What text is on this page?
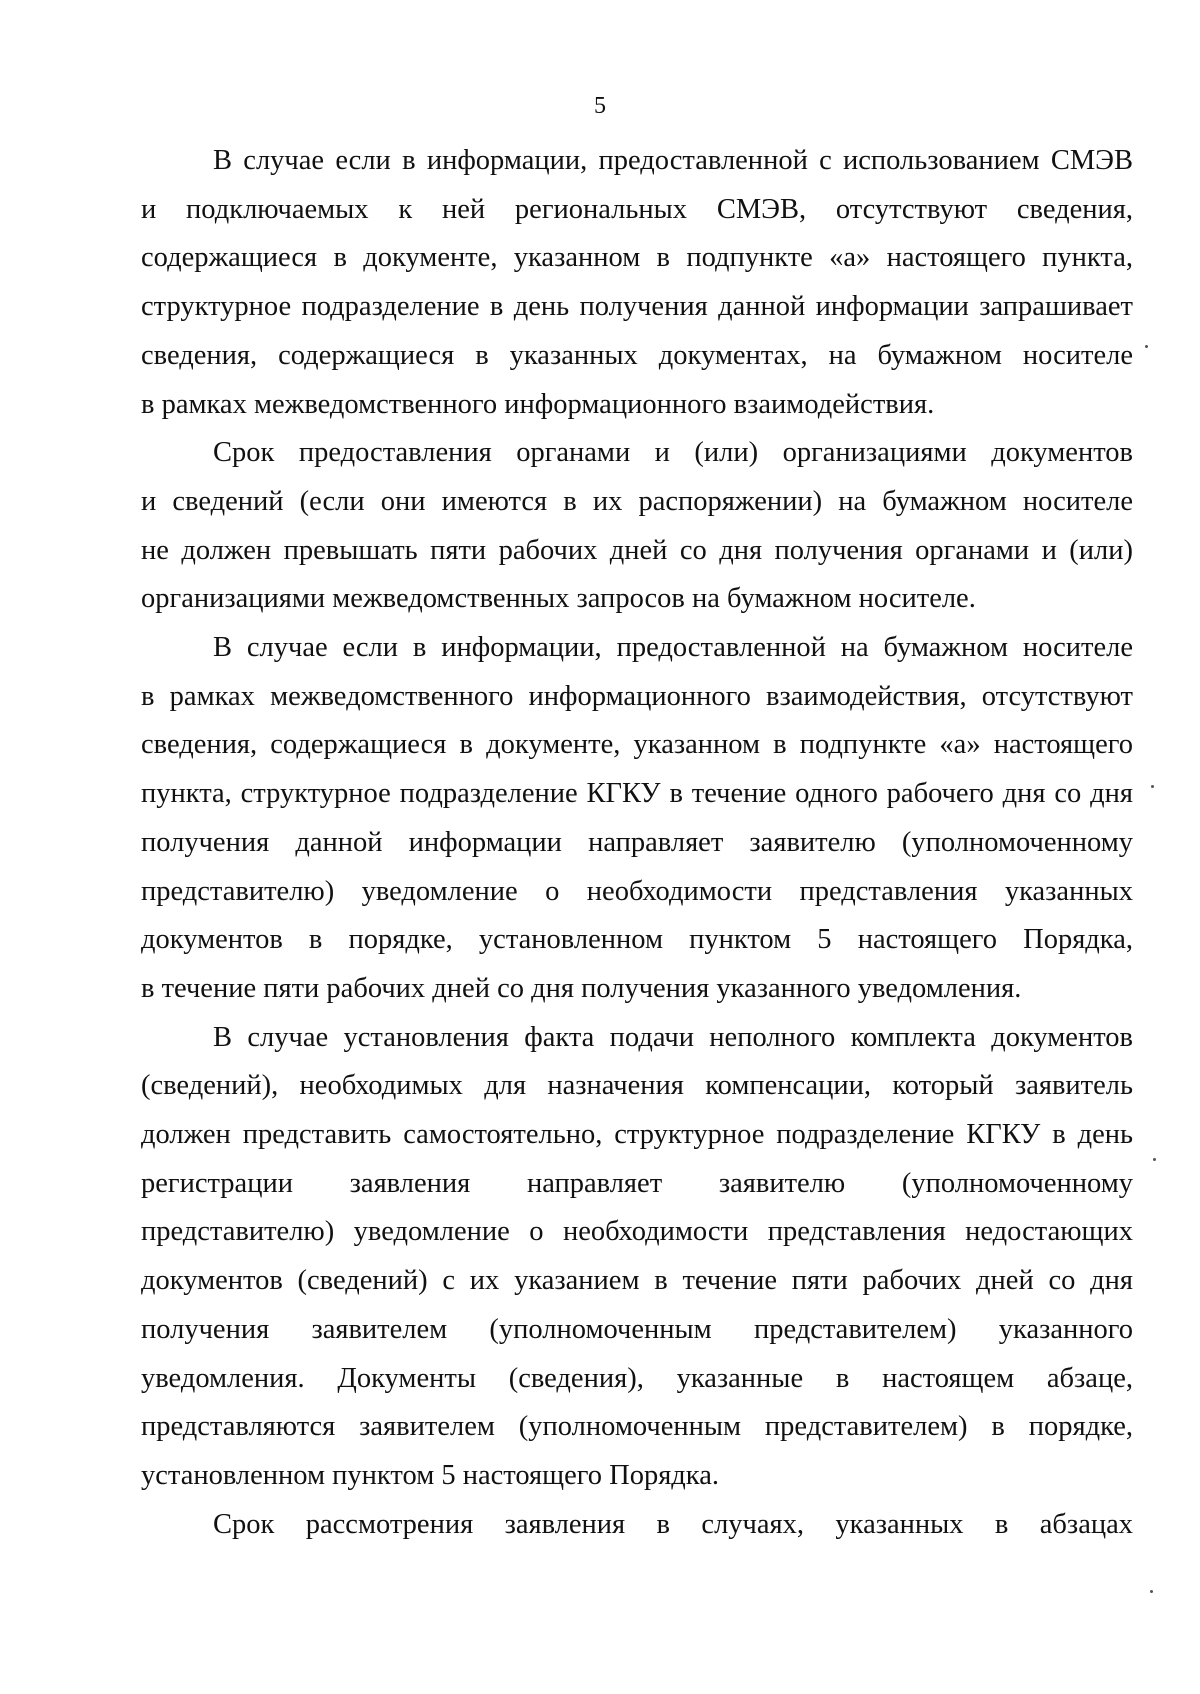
5

В случае если в информации, предоставленной с использованием СМЭВ
и подключаемых к ней региональных СМЭВ, отсутствуют сведения,
содержащиеся в документе, указанном в подпункте «а» настоящего пункта,
структурное подразделение в день получения данной информации запрашивает
сведения, содержащиеся в указанных документах, на бумажном носителе
в рамках межведомственного информационного взаимодействия.

Срок предоставления органами и (или) организациями документов
и сведений (если они имеются в их распоряжении) на бумажном носителе
не должен превышать пяти рабочих дней со дня получения органами и (или)
организациями межведомственных запросов на бумажном носителе.

В случае если в информации, предоставленной на бумажном носителе
в рамках межведомственного информационного взаимодействия, отсутствуют
сведения, содержащиеся в документе, указанном в подпункте «а» настоящего
пункта, структурное подразделение КГКУ в течение одного рабочего дня со дня
получения данной информации направляет заявителю (уполномоченному
представителю) уведомление о необходимости представления указанных
документов в порядке, установленном пунктом 5 настоящего Порядка,
в течение пяти рабочих дней со дня получения указанного уведомления.

В случае установления факта подачи неполного комплекта документов
(сведений), необходимых для назначения компенсации, который заявитель
должен представить самостоятельно, структурное подразделение КГКУ в день
регистрации заявления направляет заявителю (уполномоченному
представителю) уведомление о необходимости представления недостающих
документов (сведений) с их указанием в течение пяти рабочих дней со дня
получения заявителем (уполномоченным представителем) указанного
уведомления. Документы (сведения), указанные в настоящем абзаце,
представляются заявителем (уполномоченным представителем) в порядке,
установленном пунктом 5 настоящего Порядка.

Срок рассмотрения заявления в случаях, указанных в абзацах
